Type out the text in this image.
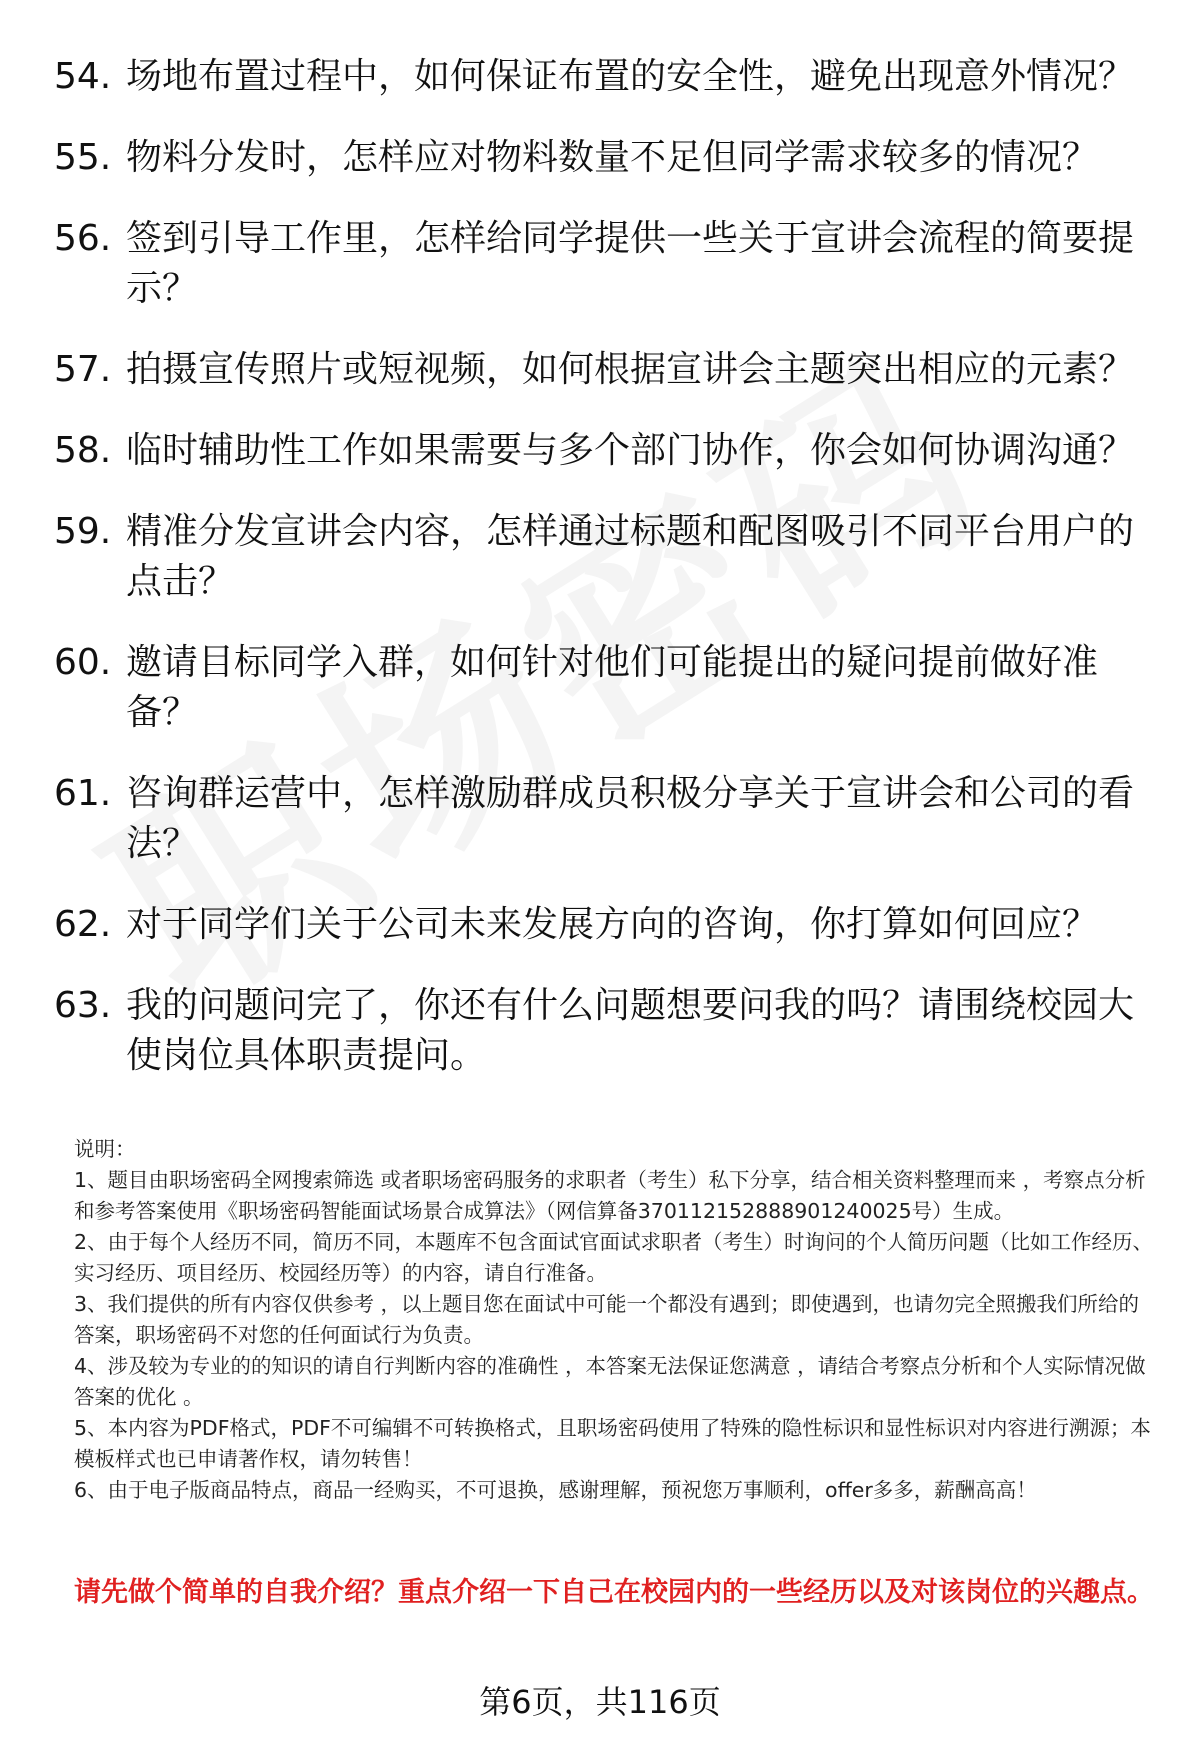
54. 场地布置过程中，如何保证布置的安全性，避免出现意外情况？
55. 物料分发时，怎样应对物料数量不足但同学需求较多的情况？
56. 签到引导工作里，怎样给同学提供一些关于宣讲会流程的简要提示？
57. 拍摄宣传照片或短视频，如何根据宣讲会主题突出相应的元素？
58. 临时辅助性工作如果需要与多个部门协作，你会如何协调沟通？
59. 精准分发宣讲会内容，怎样通过标题和配图吸引不同平台用户的点击？
60. 邀请目标同学入群，如何针对他们可能提出的疑问提前做好准备？
61. 咨询群运营中，怎样激励群成员积极分享关于宣讲会和公司的看法？
62. 对于同学们关于公司未来发展方向的咨询，你打算如何回应？
63. 我的问题问完了，你还有什么问题想要问我的吗？请围绕校园大使岗位具体职责提问。

说明：

1、题目由职场密码全网搜索筛选 或者职场密码服务的求职者（考生）私下分享，结合相关资料整理而来 ，考察点分析和参考答案使用《职场密码智能面试场景合成算法》（网信算备370112152888901240025号）生成。

2、由于每个人经历不同，简历不同，本题库不包含面试官面试求职者（考生）时询问的个人简历问题（比如工作经历、实习经历、项目经历、校园经历等）的内容，请自行准备。

3、我们提供的所有内容仅供参考 ，以上题目您在面试中可能一个都没有遇到；即使遇到，也请勿完全照搬我们所给的答案，职场密码不对您的任何面试行为负责。

4、涉及较为专业的的知识的请自行判断内容的准确性 ，本答案无法保证您满意 ，请结合考察点分析和个人实际情况做答案的优化 。

5、本内容为PDF格式，PDF不可编辑不可转换格式，且职场密码使用了特殊的隐性标识和显性标识对内容进行溯源；本模板样式也已申请著作权，请勿转售！

6、由于电子版商品特点，商品一经购买，不可退换，感谢理解，预祝您万事顺利，offer多多，薪酬高高！

请先做个简单的自我介绍？重点介绍一下自己在校园内的一些经历以及对该岗位的兴趣点。
第6页，共116页
